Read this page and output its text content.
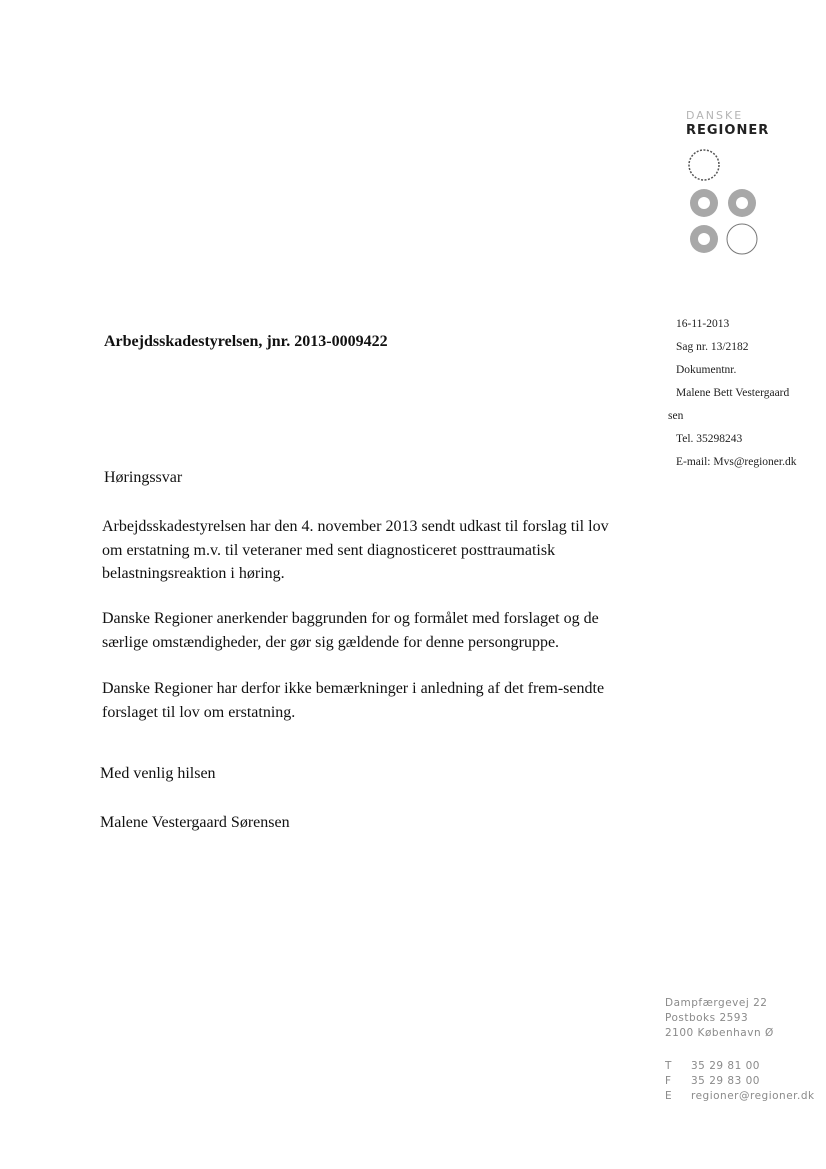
DANSKE
REGIONER
16-11-2013
Sag nr. 13/2182
Dokumentnr.
Malene Bett Vestergaard
sen
Tel. 35298243
E-mail: Mvs@regioner.dk
Arbejdsskadestyrelsen, jnr. 2013-0009422
Høringssvar
Arbejdsskadestyrelsen har den 4. november 2013 sendt udkast til forslag til lov om erstatning m.v. til veteraner med sent diagnosticeret posttraumatisk belastningsreaktion i høring.
Danske Regioner anerkender baggrunden for og formålet med forslaget og de særlige omstændigheder, der gør sig gældende for denne persongruppe.
Danske Regioner har derfor ikke bemærkninger i anledning af det frem-sendte forslaget til lov om erstatning.
Med venlig hilsen
Malene Vestergaard Sørensen
Dampfærgevej 22
Postboks 2593
2100 København Ø
T 35 29 81 00
F 35 29 83 00
E regioner@regioner.dk
